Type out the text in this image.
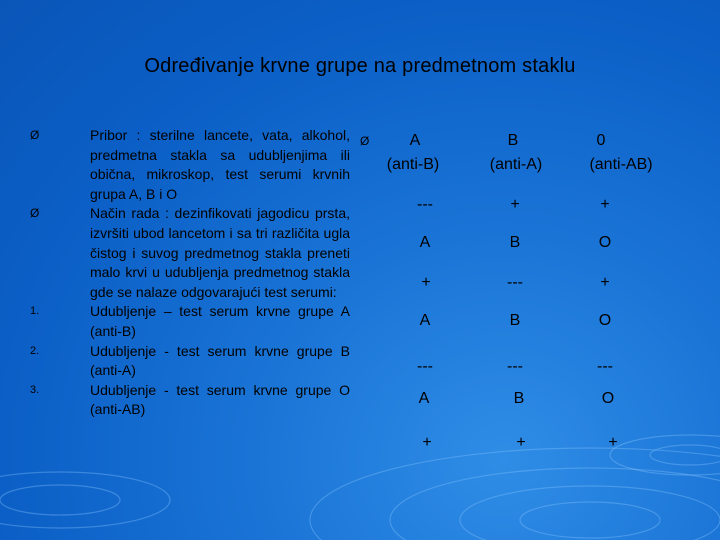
Određivanje krvne grupe na predmetnom staklu
Ø	Pribor : sterilne lancete, vata, alkohol, predmetna stakla sa udubljenjima ili obična, mikroskop, test serumi krvnih grupa A, B i O
Ø	Način rada : dezinfikovati jagodicu prsta, izvršiti ubod lancetom i sa tri različita ugla čistog i suvog predmetnog stakla preneti malo krvi u udubljenja predmetnog stakla gde se nalaze odgovarajući test serumi:
1.	Udubljenje – test serum krvne grupe A (anti-B)
2.	Udubljenje - test serum krvne grupe B (anti-A)
3.	Udubljenje - test serum krvne grupe O (anti-AB)
Ø	A	B	0
(anti-B)	(anti-A)	(anti-AB)
---	+	+
A	B	O
+	---	+
A	B	O
---	---	---
A	B	O
+	+	+
